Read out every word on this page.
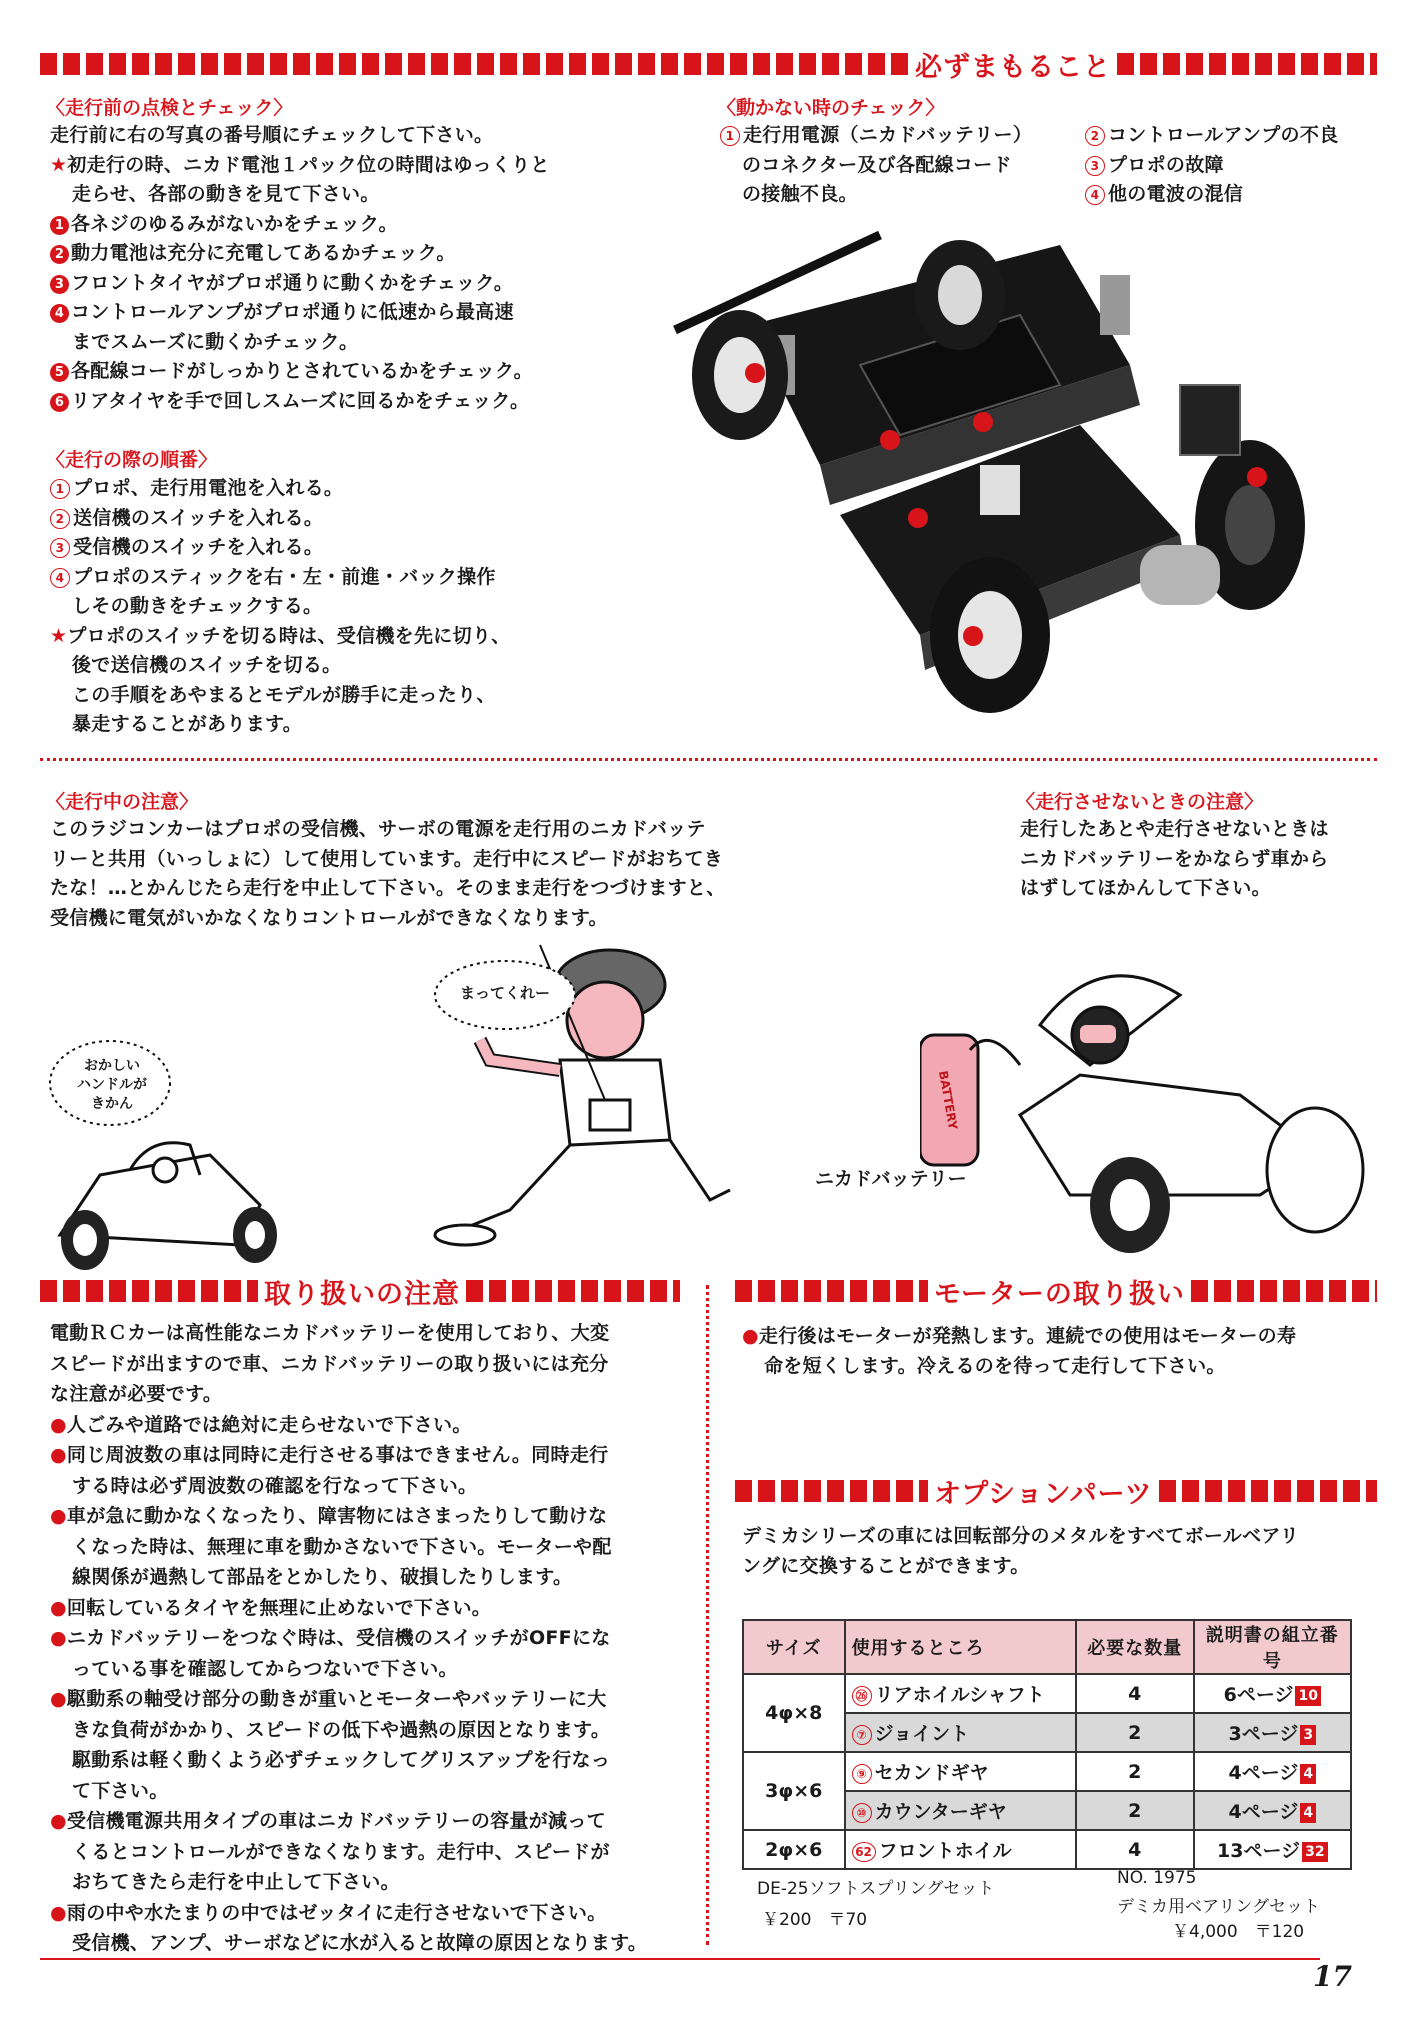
必ずまもること
〈走行前の点検とチェック〉
走行前に右の写真の番号順にチェックして下さい。
★初走行の時、ニカド電池１パック位の時間はゆっくりと
走らせ、各部の動きを見て下さい。
1 各ネジのゆるみがないかをチェック。
2 動力電池は充分に充電してあるかチェック。
3 フロントタイヤがプロポ通りに動くかをチェック。
4 コントロールアンプがプロポ通りに低速から最高速
までスムーズに動くかチェック。
5 各配線コードがしっかりとされているかをチェック。
6 リアタイヤを手で回しスムーズに回るかをチェック。
〈走行の際の順番〉
1 プロポ、走行用電池を入れる。
2 送信機のスイッチを入れる。
3 受信機のスイッチを入れる。
4 プロポのスティックを右・左・前進・バック操作
しその動きをチェックする。
★プロポのスイッチを切る時は、受信機を先に切り、
後で送信機のスイッチを切る。
この手順をあやまるとモデルが勝手に走ったり、
暴走することがあります。
〈動かない時のチェック〉
1 走行用電源（ニカドバッテリー）
のコネクター及び各配線コード
の接触不良。
2 コントロールアンプの不良
3 プロポの故障
4 他の電波の混信
〈走行中の注意〉
このラジコンカーはプロポの受信機、サーボの電源を走行用のニカドバッテ
リーと共用（いっしょに）して使用しています。走行中にスピードがおちてき
たな！…とかんじたら走行を中止して下さい。そのまま走行をつづけますと、
受信機に電気がいかなくなりコントロールができなくなります。
〈走行させないときの注意〉
走行したあとや走行させないときは
ニカドバッテリーをかならず車から
はずしてほかんして下さい。
おかしい
ハンドルが
きかん
まってくれー
BATTERY
ニカドバッテリー
取り扱いの注意
電動ＲＣカーは高性能なニカドバッテリーを使用しており、大変
スピードが出ますので車、ニカドバッテリーの取り扱いには充分
な注意が必要です。
●人ごみや道路では絶対に走らせないで下さい。
●同じ周波数の車は同時に走行させる事はできません。同時走行
する時は必ず周波数の確認を行なって下さい。
●車が急に動かなくなったり、障害物にはさまったりして動けな
くなった時は、無理に車を動かさないで下さい。モーターや配
線関係が過熱して部品をとかしたり、破損したりします。
●回転しているタイヤを無理に止めないで下さい。
●ニカドバッテリーをつなぐ時は、受信機のスイッチがOFFにな
っている事を確認してからつないで下さい。
●駆動系の軸受け部分の動きが重いとモーターやバッテリーに大
きな負荷がかかり、スピードの低下や過熱の原因となります。
駆動系は軽く動くよう必ずチェックしてグリスアップを行なっ
て下さい。
●受信機電源共用タイプの車はニカドバッテリーの容量が減って
くるとコントロールができなくなります。走行中、スピードが
おちてきたら走行を中止して下さい。
●雨の中や水たまりの中ではゼッタイに走行させないで下さい。
受信機、アンプ、サーボなどに水が入ると故障の原因となります。
モーターの取り扱い
●走行後はモーターが発熱します。連続での使用はモーターの寿
命を短くします。冷えるのを待って走行して下さい。
オプションパーツ
デミカシリーズの車には回転部分のメタルをすべてボールベアリ
ングに交換することができます。
サイズ	使用するところ	必要な数量	説明書の組立番号
4φ×8	㉖ リアホイルシャフト	4	6ページ 10
	⑦ ジョイント	2	3ページ 3
3φ×6	⑨ セカンドギヤ	2	4ページ 4
	⑩ カウンターギヤ	2	4ページ 4
2φ×6	62 フロントホイル	4	13ページ 32
DE-25ソフトスプリングセット
￥200　 〒70
NO. 1975
デミカ用ベアリングセット
￥4,000　 〒120
17
